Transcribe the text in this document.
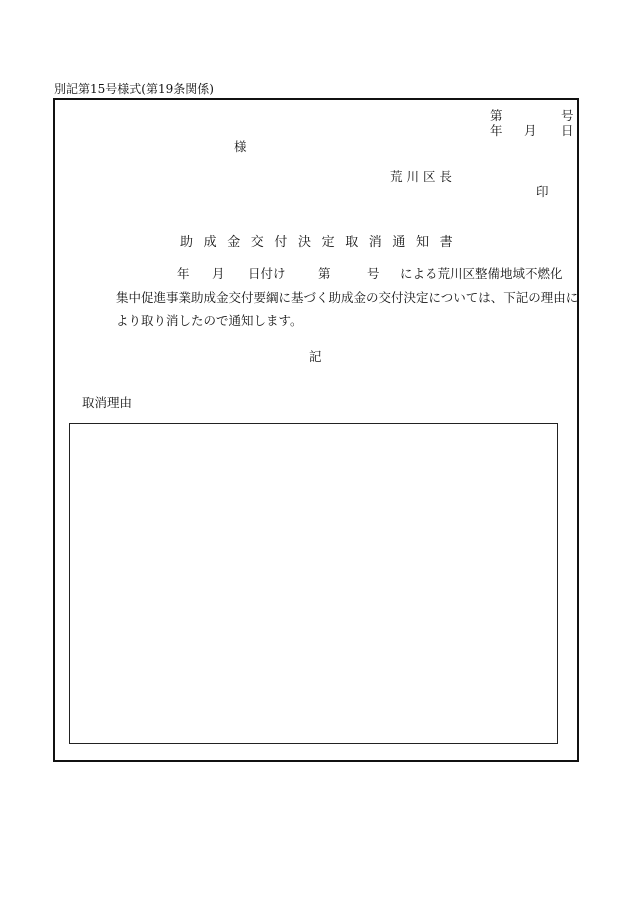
別記第15号様式(第19条関係)
第	号
年 月 日
様
荒 川 区 長
印
助成金交付決定取消通知書
年 月 日付け	第	号 による荒川区整備地域不燃化
集中促進事業助成金交付要綱に基づく助成金の交付決定については、下記の理由に
より取り消したので通知します。
記
取消理由
